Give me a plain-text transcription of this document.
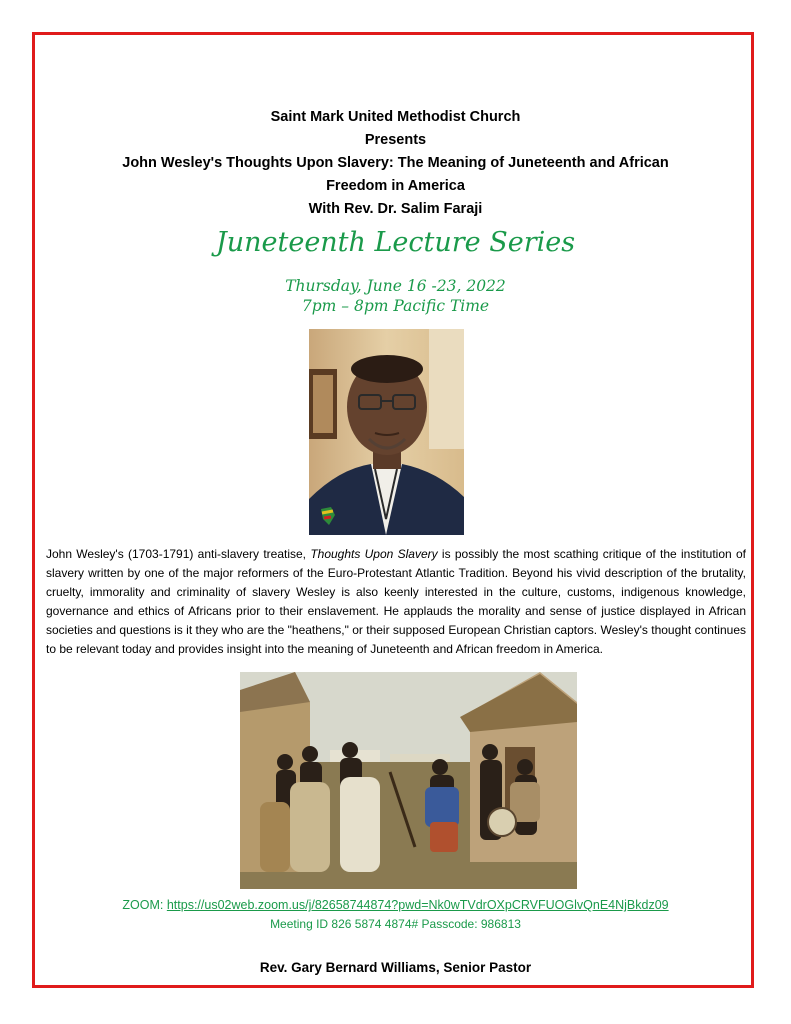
Saint Mark United Methodist Church
Presents
John Wesley's Thoughts Upon Slavery: The Meaning of Juneteenth and African
Freedom in America
With Rev. Dr. Salim Faraji
Juneteenth Lecture Series
Thursday, June 16 -23, 2022
7pm – 8pm Pacific Time
John Wesley's (1703-1791) anti-slavery treatise, Thoughts Upon Slavery is possibly the most scathing critique of the institution of slavery written by one of the major reformers of the Euro-Protestant Atlantic Tradition. Beyond his vivid description of the brutality, cruelty, immorality and criminality of slavery Wesley is also keenly interested in the culture, customs, indigenous knowledge, governance and ethics of Africans prior to their enslavement. He applauds the morality and sense of justice displayed in African societies and questions is it they who are the "heathens," or their supposed European Christian captors. Wesley's thought continues to be relevant today and provides insight into the meaning of Juneteenth and African freedom in America.
ZOOM: https://us02web.zoom.us/j/82658744874?pwd=Nk0wTVdrOXpCRVFUOGlvQnE4NjBkdz09
Meeting ID 826 5874 4874# Passcode: 986813
Rev. Gary Bernard Williams, Senior Pastor
